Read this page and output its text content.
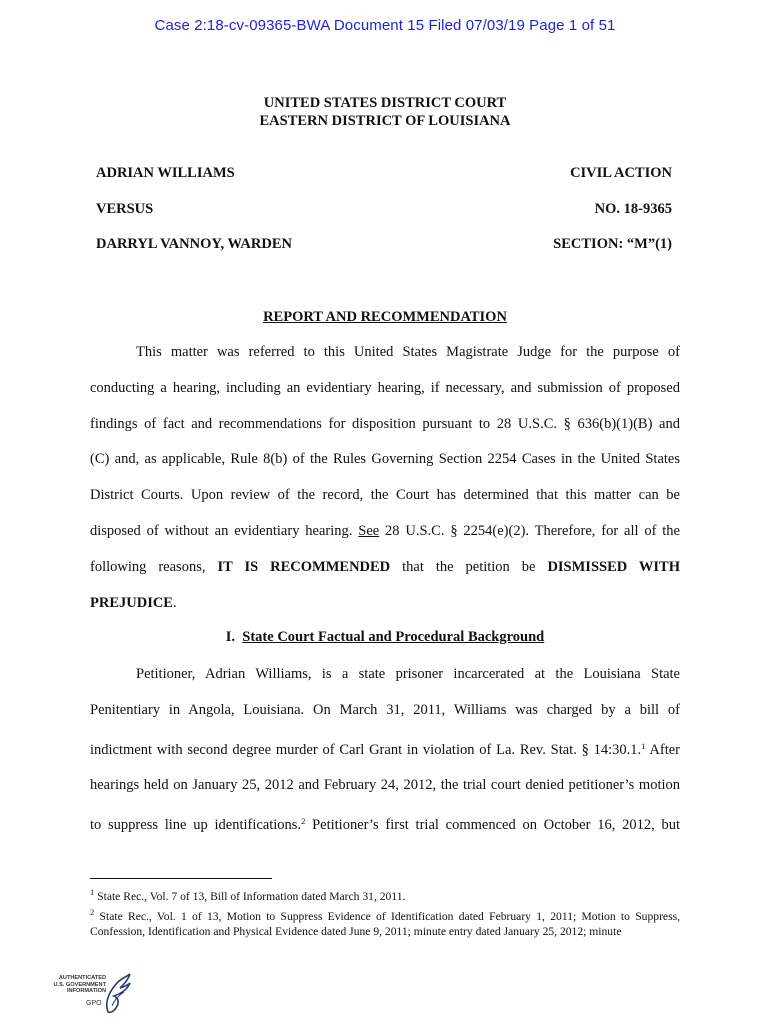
Case 2:18-cv-09365-BWA Document 15 Filed 07/03/19 Page 1 of 51
UNITED STATES DISTRICT COURT
EASTERN DISTRICT OF LOUISIANA
ADRIAN WILLIAMS	CIVIL ACTION
VERSUS	NO. 18-9365
DARRYL VANNOY, WARDEN	SECTION: “M”(1)
REPORT AND RECOMMENDATION
This matter was referred to this United States Magistrate Judge for the purpose of
conducting a hearing, including an evidentiary hearing, if necessary, and submission of proposed
findings of fact and recommendations for disposition pursuant to 28 U.S.C. § 636(b)(1)(B) and
(C) and, as applicable, Rule 8(b) of the Rules Governing Section 2254 Cases in the United States
District Courts. Upon review of the record, the Court has determined that this matter can be
disposed of without an evidentiary hearing. See 28 U.S.C. § 2254(e)(2). Therefore, for all of the
following reasons, IT IS RECOMMENDED that the petition be DISMISSED WITH
PREJUDICE.
I. State Court Factual and Procedural Background
Petitioner, Adrian Williams, is a state prisoner incarcerated at the Louisiana State
Penitentiary in Angola, Louisiana. On March 31, 2011, Williams was charged by a bill of
indictment with second degree murder of Carl Grant in violation of La. Rev. Stat. § 14:30.1.$^1$ After
hearings held on January 25, 2012 and February 24, 2012, the trial court denied petitioner’s motion
to suppress line up identifications.$^2$ Petitioner’s first trial commenced on October 16, 2012, but
$^1$ State Rec., Vol. 7 of 13, Bill of Information dated March 31, 2011.
$^2$ State Rec., Vol. 1 of 13, Motion to Suppress Evidence of Identification dated February 1, 2011; Motion to Suppress,
Confession, Identification and Physical Evidence dated June 9, 2011; minute entry dated January 25, 2012; minute
AUTHENTICATED
U.S. GOVERNMENT
INFORMATION
GPO
